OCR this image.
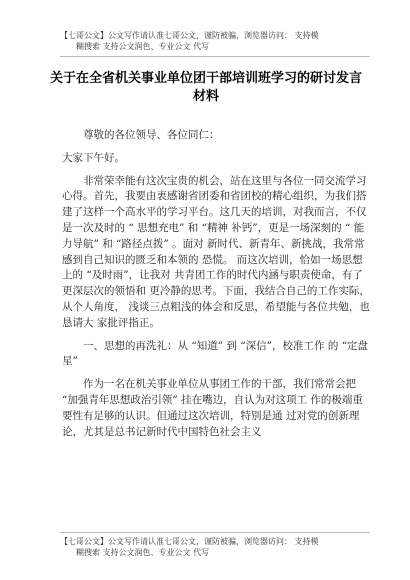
【七哥公文】公文写作请认准七哥公文，谨防被骗，浏览器访问： 支持模
糊搜索 支持公文润色、专业公文 代写
关于在全省机关事业单位团干部培训班学习的研讨发言材料

尊敬的各位领导、各位同仁：

大家下午好。

非常荣幸能有这次宝贵的机会，站在这里与各位一同交流学习心得。首先，我要由衷感谢省团委和省团校的精心组织，为我们搭建了这样一个高水平的学习平台。这几天的培训，对我而言，不仅是一次及时的 “ 思想充电” 和 “精神 补钙”，更是一场深刻的 “ 能力导航” 和 “路径点拨” 。面对 新时代、新青年、新挑战，我常常感到自己知识的匮乏和本领的 恐慌。 而这次培训，恰如一场思想上的 “及时雨”，让我对 共青团工作的时代内涵与职责使命，有了更深层次的领悟和 更冷静的思考。下面，我结合自己的工作实际，从个人角度， 浅谈三点粗浅的体会和反思，希望能与各位共勉，也恳请大 家批评指正。

一、思想的再洗礼：从 “知道” 到 “深信”，校准工作 的 “定盘星”

作为一名在机关事业单位从事团工作的干部，我们常常会把 “加强青年思想政治引领” 挂在嘴边，自认为对这项工 作的极端重要性有足够的认识。但通过这次培训，特别是通 过对党的创新理论，尤其是总书记新时代中国特色社会主义

【七哥公文】公文写作请认准七哥公文，谨防被骗，浏览器访问： 支持模
糊搜索 支持公文润色、专业公文 代写
